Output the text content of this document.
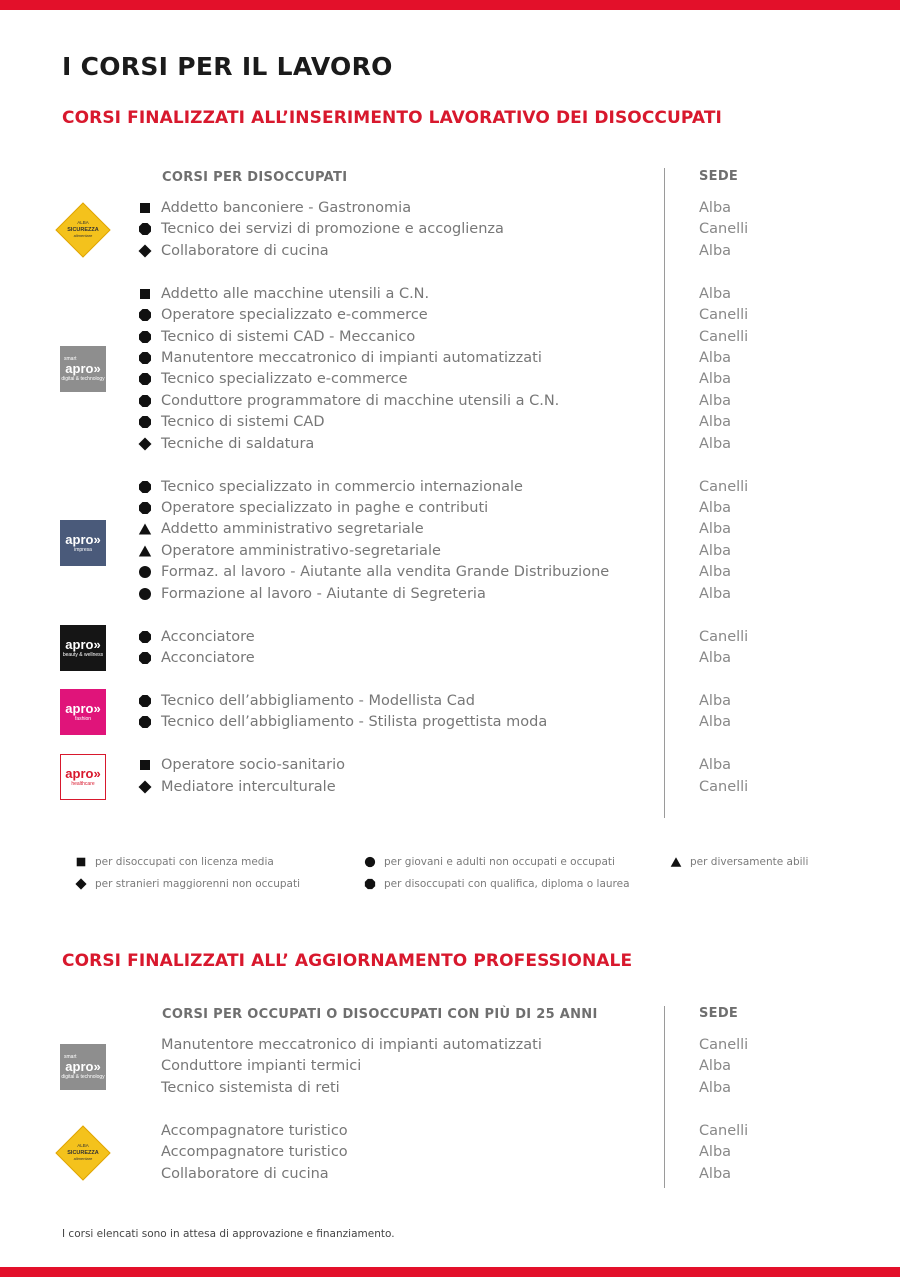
I CORSI PER IL LAVORO
CORSI FINALIZZATI ALL’INSERIMENTO LAVORATIVO DEI DISOCCUPATI
CORSI PER DISOCCUPATI	SEDE
ALBA
SICUREZZA
alimentare
Addetto banconiere - Gastronomia	Alba
Tecnico dei servizi di promozione e accoglienza	Canelli
Collaboratore di cucina	Alba
smart
apro»
digital & technology
Addetto alle macchine utensili a C.N.	Alba
Operatore specializzato e-commerce	Canelli
Tecnico di sistemi CAD - Meccanico	Canelli
Manutentore meccatronico di impianti automatizzati	Alba
Tecnico specializzato e-commerce	Alba
Conduttore programmatore di macchine utensili a C.N.	Alba
Tecnico di sistemi CAD	Alba
Tecniche di saldatura	Alba
apro»
impresa
Tecnico specializzato in commercio internazionale	Canelli
Operatore specializzato in paghe e contributi	Alba
Addetto amministrativo segretariale	Alba
Operatore amministrativo-segretariale	Alba
Formaz. al lavoro - Aiutante alla vendita Grande Distribuzione	Alba
Formazione al lavoro - Aiutante di Segreteria	Alba
apro»
beauty & wellness
Acconciatore	Canelli
Acconciatore	Alba
apro»
fashion
Tecnico dell’abbigliamento - Modellista Cad	Alba
Tecnico dell’abbigliamento - Stilista progettista moda	Alba
apro»
healthcare
Operatore socio-sanitario	Alba
Mediatore interculturale	Canelli
per disoccupati con licenza media	per giovani e adulti non occupati e occupati	per diversamente abili
per stranieri maggiorenni non occupati	per disoccupati con qualifica, diploma o laurea
CORSI FINALIZZATI ALL’ AGGIORNAMENTO PROFESSIONALE
CORSI PER OCCUPATI O DISOCCUPATI CON PIÙ DI 25 ANNI	SEDE
smart
apro»
digital & technology
Manutentore meccatronico di impianti automatizzati	Canelli
Conduttore impianti termici	Alba
Tecnico sistemista di reti	Alba
ALBA
SICUREZZA
alimentare
Accompagnatore turistico	Canelli
Accompagnatore turistico	Alba
Collaboratore di cucina	Alba
I corsi elencati sono in attesa di approvazione e finanziamento.
